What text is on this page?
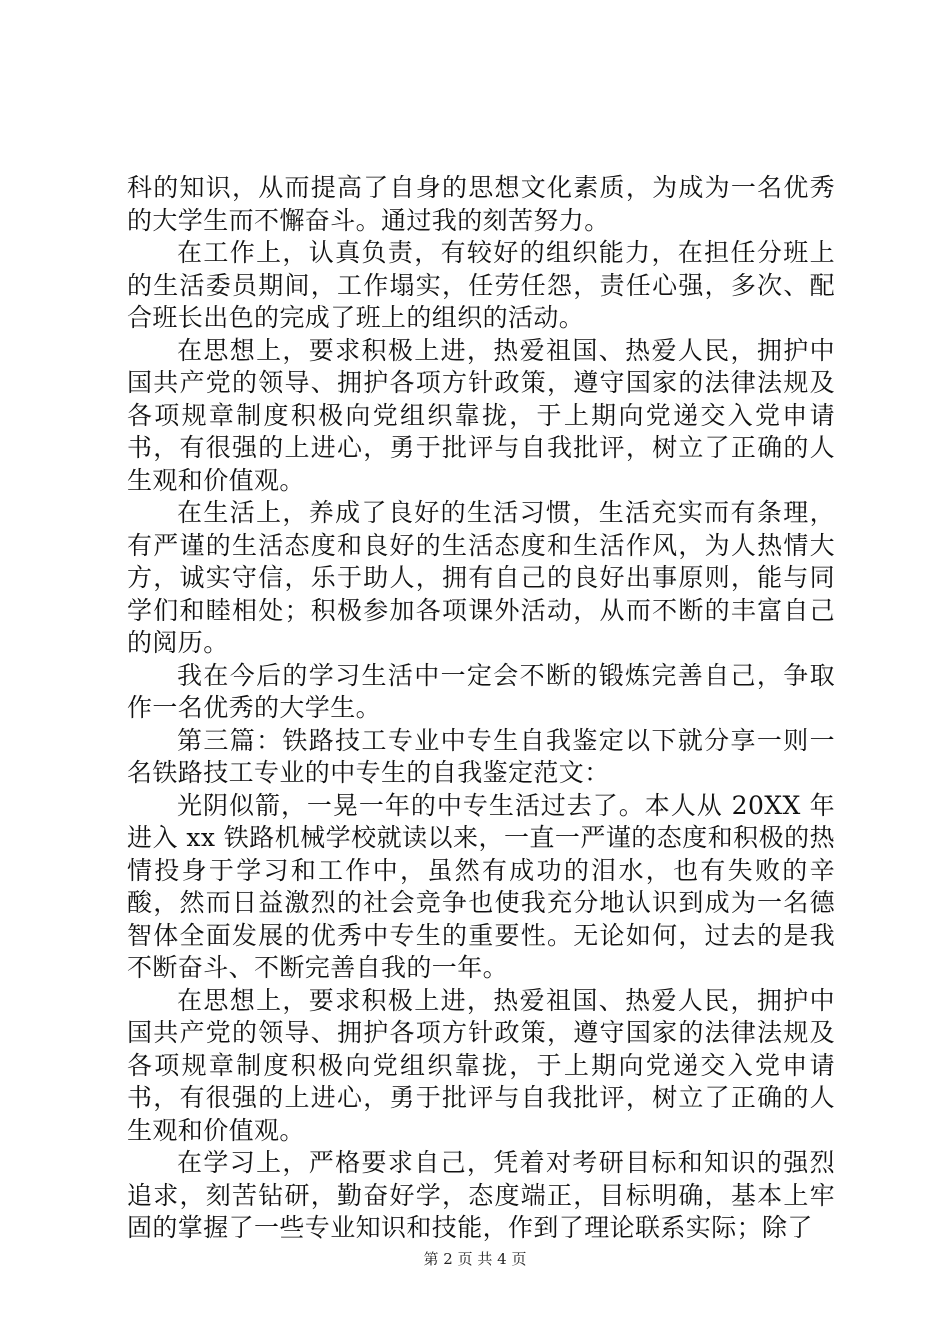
科的知识，从而提高了自身的思想文化素质，为成为一名优秀的大学生而不懈奋斗。通过我的刻苦努力。

在工作上，认真负责，有较好的组织能力，在担任分班上的生活委员期间，工作塌实，任劳任怨，责任心强，多次、配合班长出色的完成了班上的组织的活动。

在思想上，要求积极上进，热爱祖国、热爱人民，拥护中国共产党的领导、拥护各项方针政策，遵守国家的法律法规及各项规章制度积极向党组织靠拢，于上期向党递交入党申请书，有很强的上进心，勇于批评与自我批评，树立了正确的人生观和价值观。

在生活上，养成了良好的生活习惯，生活充实而有条理，有严谨的生活态度和良好的生活态度和生活作风，为人热情大方，诚实守信，乐于助人，拥有自己的良好出事原则，能与同学们和睦相处；积极参加各项课外活动，从而不断的丰富自己的阅历。

我在今后的学习生活中一定会不断的锻炼完善自己，争取作一名优秀的大学生。

第三篇：铁路技工专业中专生自我鉴定以下就分享一则一名铁路技工专业的中专生的自我鉴定范文：

光阴似箭，一晃一年的中专生活过去了。本人从 20XX 年进入 xx 铁路机械学校就读以来，一直一严谨的态度和积极的热情投身于学习和工作中，虽然有成功的泪水，也有失败的辛酸，然而日益激烈的社会竞争也使我充分地认识到成为一名德智体全面发展的优秀中专生的重要性。无论如何，过去的是我不断奋斗、不断完善自我的一年。

在思想上，要求积极上进，热爱祖国、热爱人民，拥护中国共产党的领导、拥护各项方针政策，遵守国家的法律法规及各项规章制度积极向党组织靠拢，于上期向党递交入党申请书，有很强的上进心，勇于批评与自我批评，树立了正确的人生观和价值观。

在学习上，严格要求自己，凭着对考研目标和知识的强烈追求，刻苦钻研，勤奋好学，态度端正，目标明确，基本上牢固的掌握了一些专业知识和技能，作到了理论联系实际；除了

第 2 页 共 4 页
